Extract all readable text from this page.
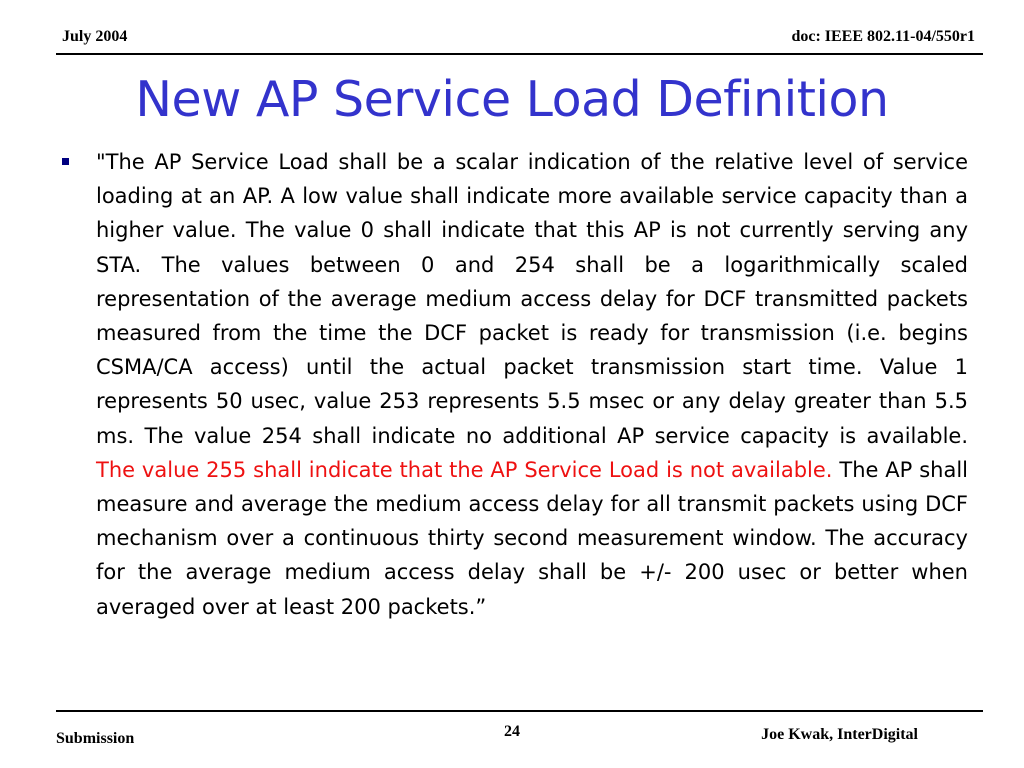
July 2004	doc: IEEE 802.11-04/550r1
New AP Service Load Definition

"The AP Service Load shall be a scalar indication of the relative level of service loading at an AP. A low value shall indicate more available service capacity than a higher value. The value 0 shall indicate that this AP is not currently serving any STA. The values between 0 and 254 shall be a logarithmically scaled representation of the average medium access delay for DCF transmitted packets measured from the time the DCF packet is ready for transmission (i.e. begins CSMA/CA access) until the actual packet transmission start time. Value 1 represents 50 usec, value 253 represents 5.5 msec or any delay greater than 5.5 ms. The value 254 shall indicate no additional AP service capacity is available. The value 255 shall indicate that the AP Service Load is not available. The AP shall measure and average the medium access delay for all transmit packets using DCF mechanism over a continuous thirty second measurement window. The accuracy for the average medium access delay shall be +/- 200 usec or better when averaged over at least 200 packets.”

Submission	24	Joe Kwak, InterDigital
